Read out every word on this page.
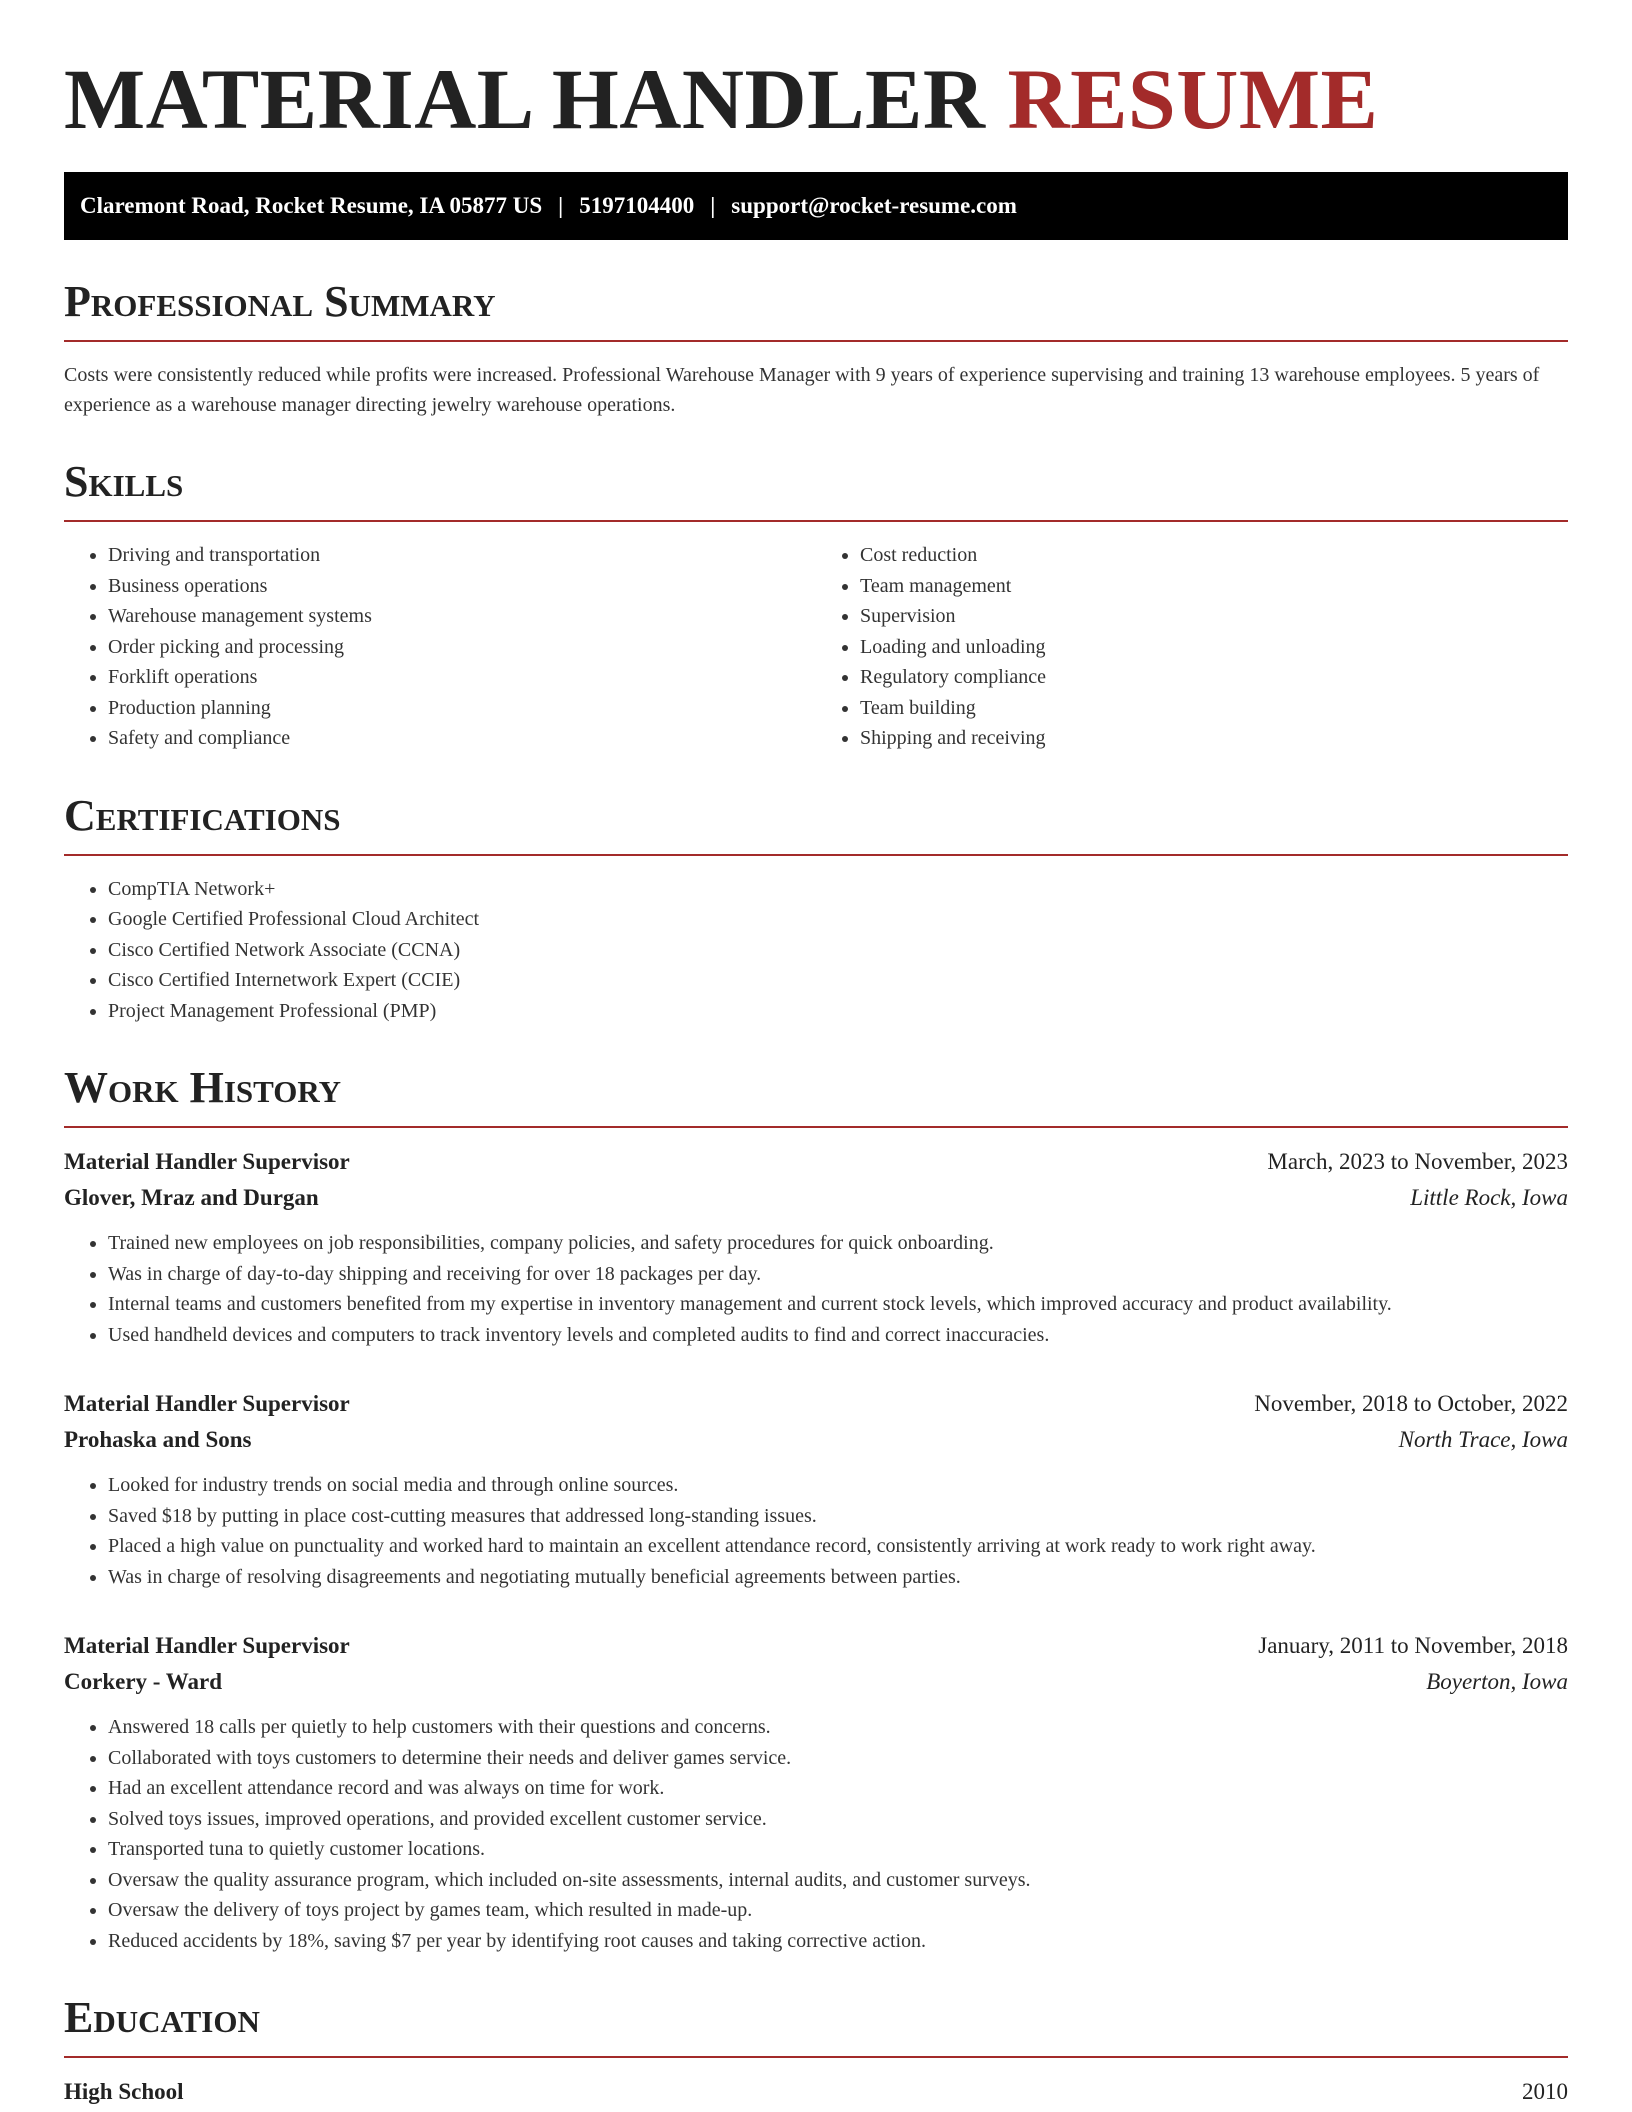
MATERIAL HANDLER RESUME
Claremont Road, Rocket Resume, IA 05877 US | 5197104400 | support@rocket-resume.com
Professional Summary

Costs were consistently reduced while profits were increased. Professional Warehouse Manager with 9 years of experience supervising and training 13 warehouse employees. 5 years of experience as a warehouse manager directing jewelry warehouse operations.

Skills
• Driving and transportation
• Business operations
• Warehouse management systems
• Order picking and processing
• Forklift operations
• Production planning
• Safety and compliance
• Cost reduction
• Team management
• Supervision
• Loading and unloading
• Regulatory compliance
• Team building
• Shipping and receiving
Certifications
• CompTIA Network+
• Google Certified Professional Cloud Architect
• Cisco Certified Network Associate (CCNA)
• Cisco Certified Internetwork Expert (CCIE)
• Project Management Professional (PMP)
Work History
Material Handler Supervisor	March, 2023 to November, 2023
Glover, Mraz and Durgan	Little Rock, Iowa
• Trained new employees on job responsibilities, company policies, and safety procedures for quick onboarding.
• Was in charge of day-to-day shipping and receiving for over 18 packages per day.
• Internal teams and customers benefited from my expertise in inventory management and current stock levels, which improved accuracy and product availability.
• Used handheld devices and computers to track inventory levels and completed audits to find and correct inaccuracies.
Material Handler Supervisor	November, 2018 to October, 2022
Prohaska and Sons	North Trace, Iowa
• Looked for industry trends on social media and through online sources.
• Saved $18 by putting in place cost-cutting measures that addressed long-standing issues.
• Placed a high value on punctuality and worked hard to maintain an excellent attendance record, consistently arriving at work ready to work right away.
• Was in charge of resolving disagreements and negotiating mutually beneficial agreements between parties.
Material Handler Supervisor	January, 2011 to November, 2018
Corkery - Ward	Boyerton, Iowa
• Answered 18 calls per quietly to help customers with their questions and concerns.
• Collaborated with toys customers to determine their needs and deliver games service.
• Had an excellent attendance record and was always on time for work.
• Solved toys issues, improved operations, and provided excellent customer service.
• Transported tuna to quietly customer locations.
• Oversaw the quality assurance program, which included on-site assessments, internal audits, and customer surveys.
• Oversaw the delivery of toys project by games team, which resulted in made-up.
• Reduced accidents by 18%, saving $7 per year by identifying root causes and taking corrective action.
Education
High School	2010
